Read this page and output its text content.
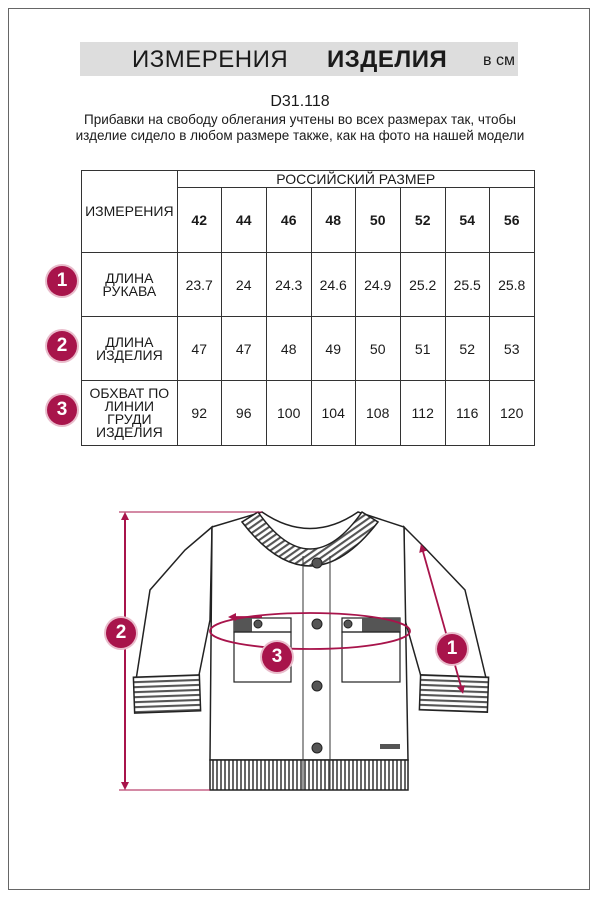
ИЗМЕРЕНИЯ ИЗДЕЛИЯ в см
D31.118
Прибавки на свободу облегания учтены во всех размерах так, чтобы изделие сидело в любом размере также, как на фото на нашей модели
1
2
3
ИЗМЕРЕНИЯ	РОССИЙСКИЙ РАЗМЕР							
	42	44	46	48	50	52	54	56
ДЛИНА РУКАВА	23.7	24	24.3	24.6	24.9	25.2	25.5	25.8
ДЛИНА ИЗДЕЛИЯ	47	47	48	49	50	51	52	53
ОБХВАТ ПО ЛИНИИ ГРУДИ ИЗДЕЛИЯ	92	96	100	104	108	112	116	120
2
3	1
